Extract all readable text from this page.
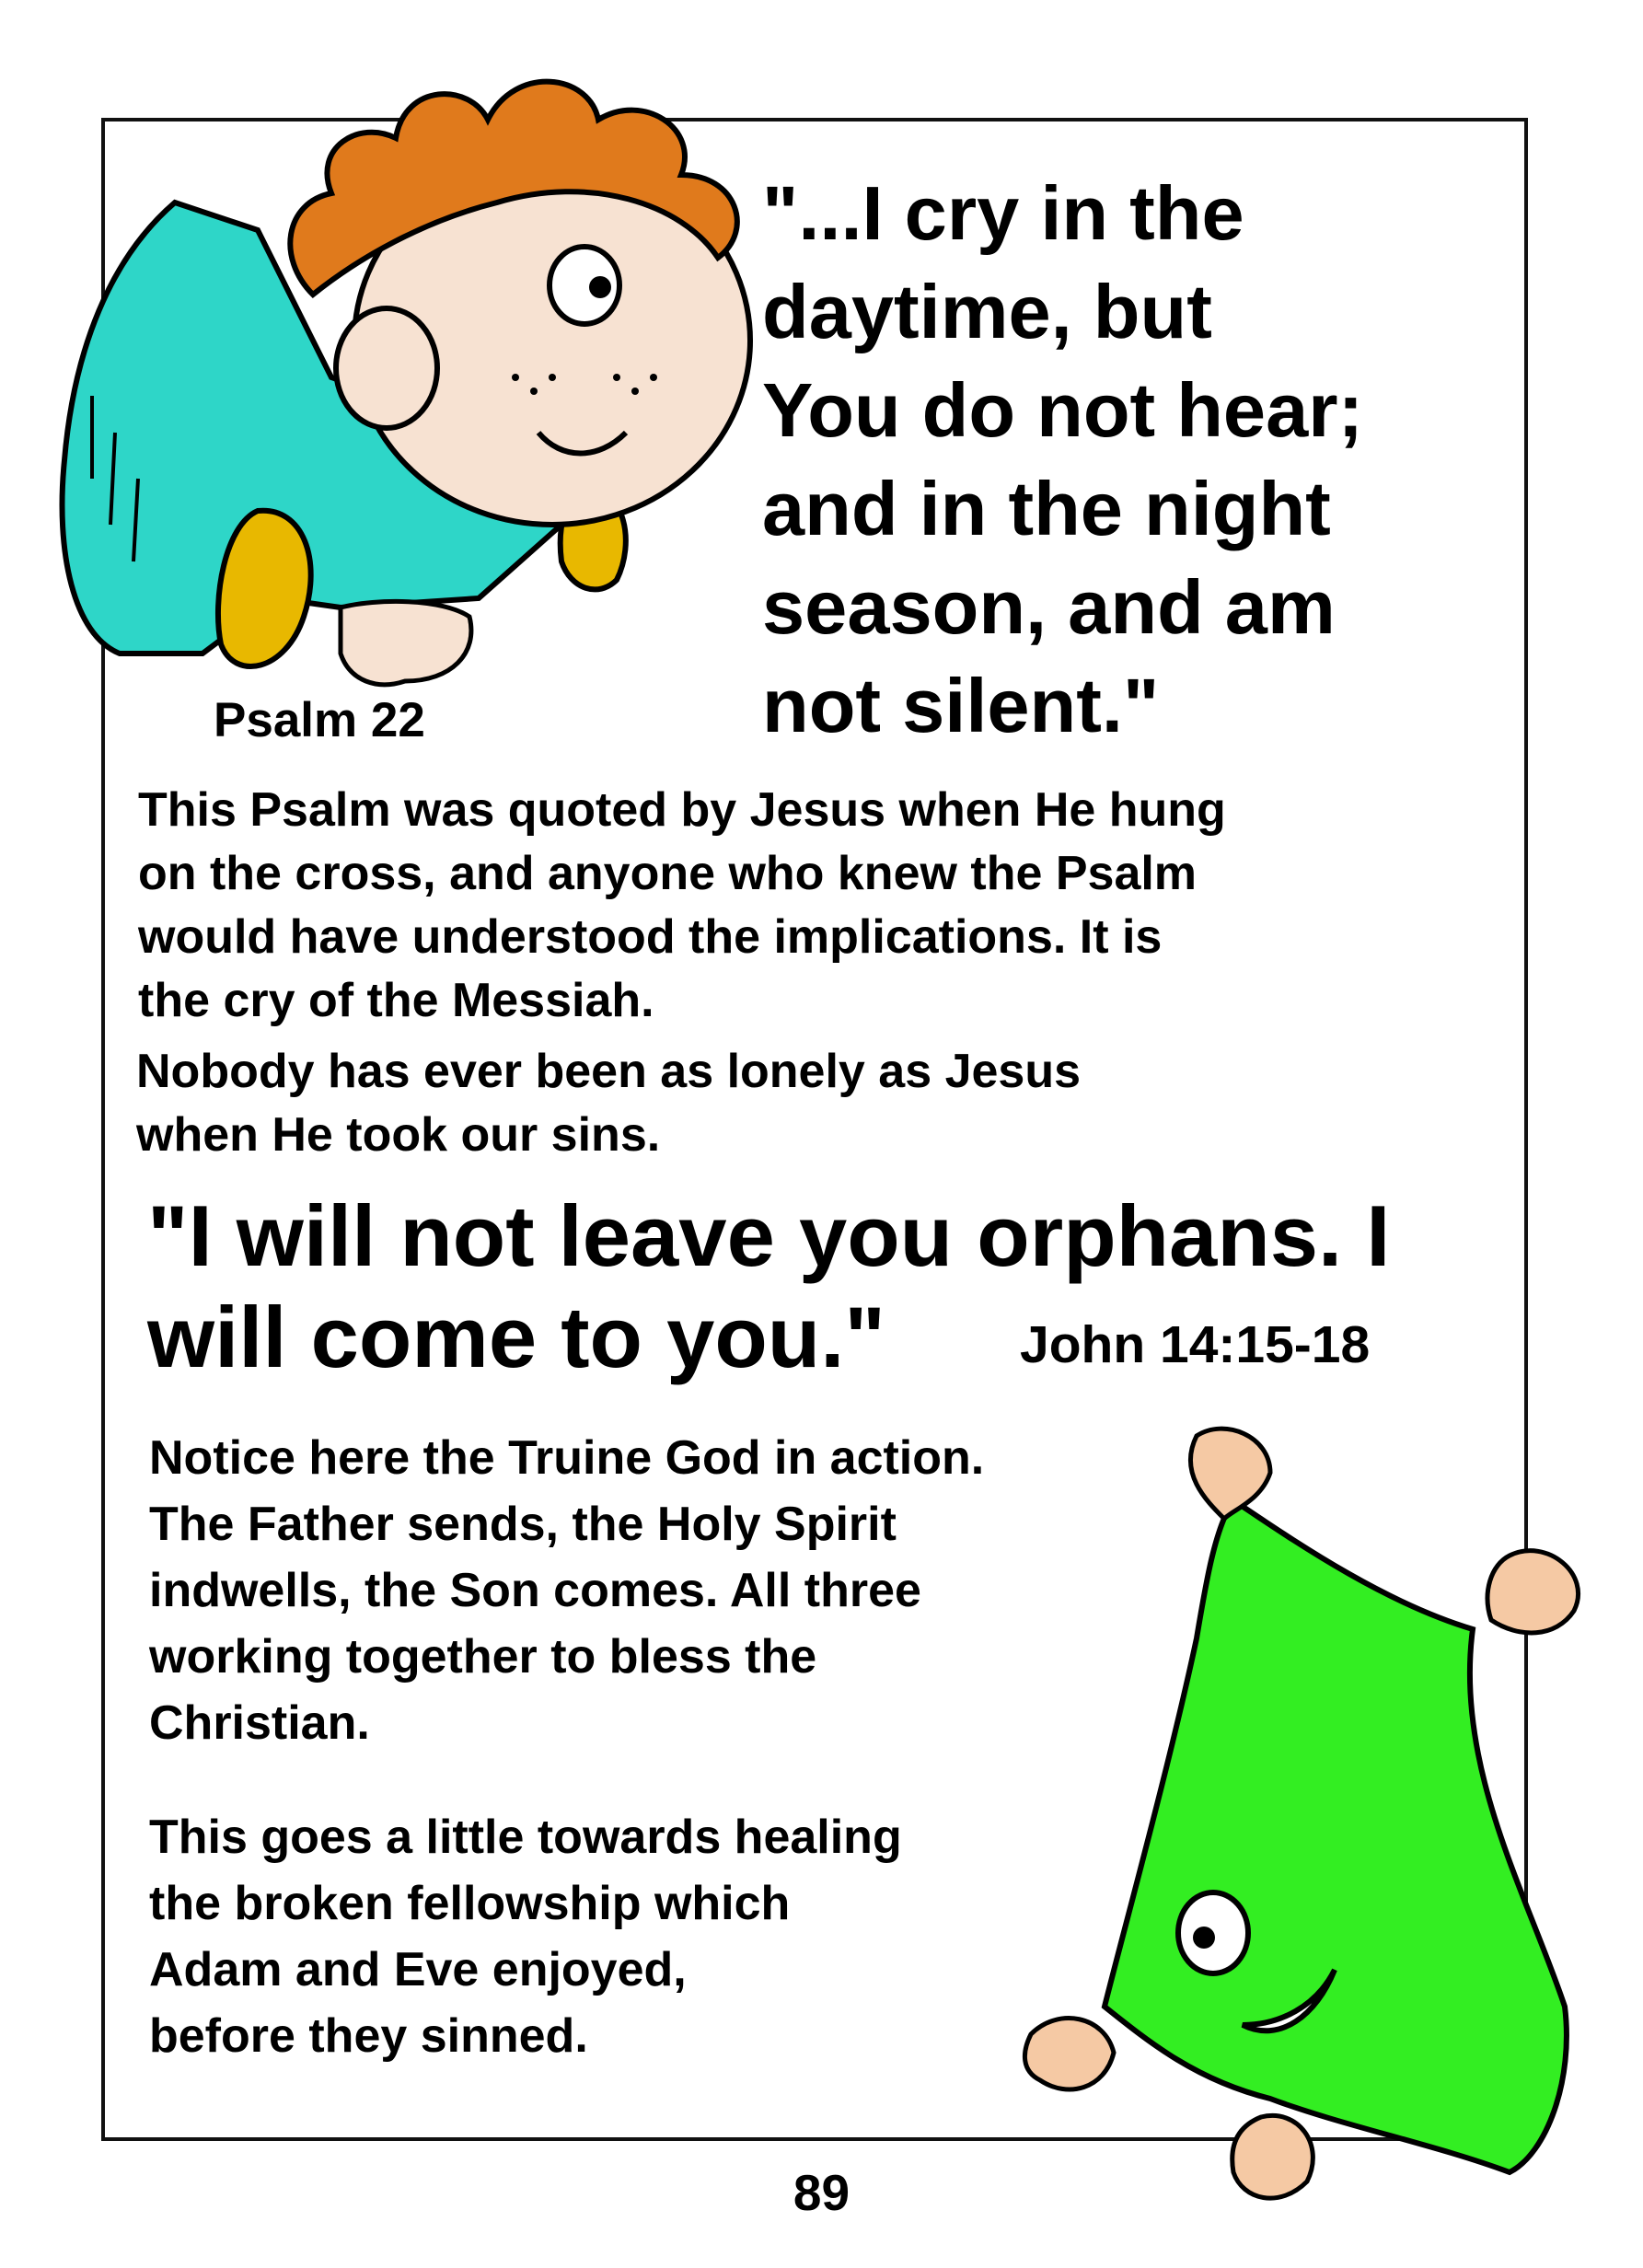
"...I cry in the
daytime, but
You do not hear;
and in the night
season, and am
not silent."
Psalm 22
This Psalm was quoted by Jesus when He hung
on the cross, and anyone who knew the Psalm
would have understood the implications. It is
the cry of the Messiah.
Nobody has ever been as lonely as Jesus
when He took our sins.
"I will not leave you orphans. I
will come to you."	John 14:15-18
Notice here the Truine God in action.
The Father sends, the Holy Spirit
indwells, the Son comes. All three
working together to bless the
Christian.
This goes a little towards healing
the broken fellowship which
Adam and Eve enjoyed,
before they sinned.
89
